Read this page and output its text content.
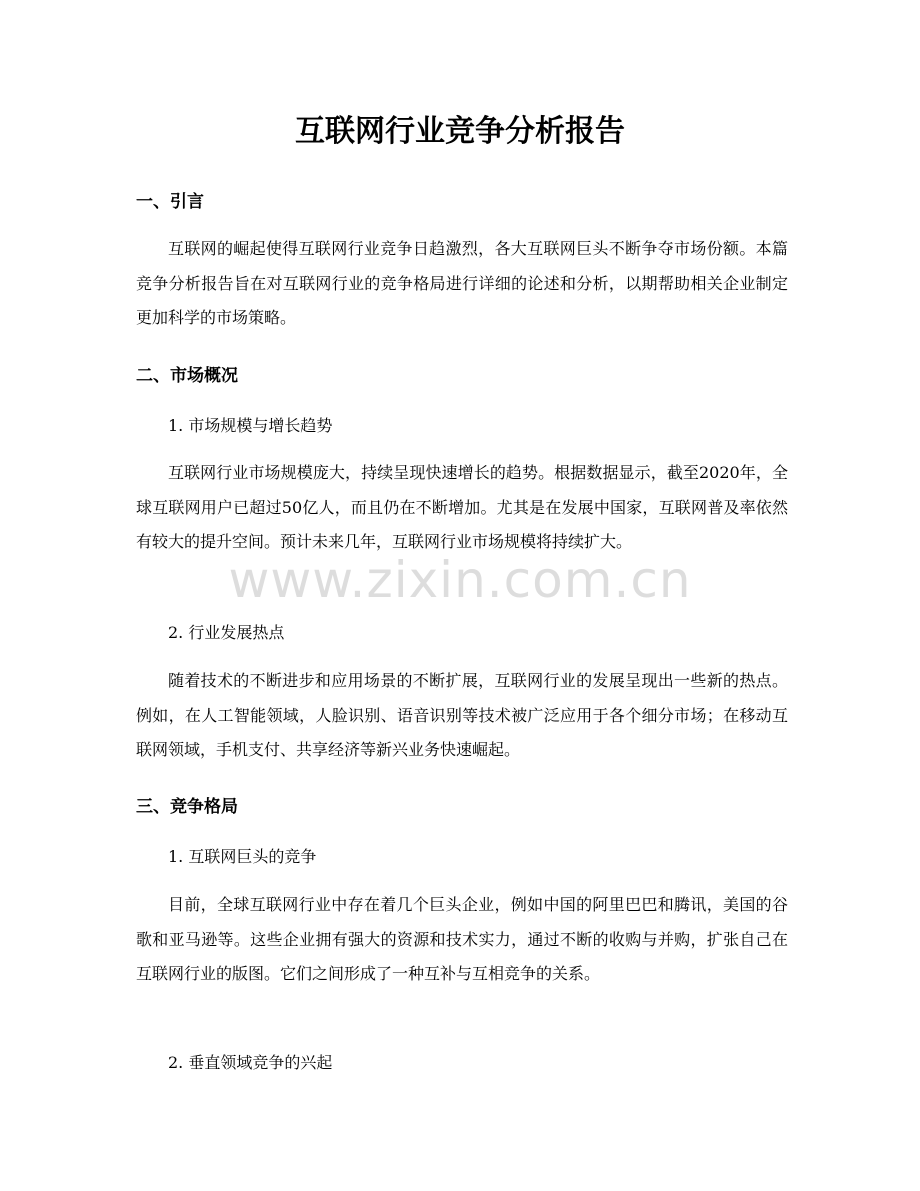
互联网行业竞争分析报告
一、引言

互联网的崛起使得互联网行业竞争日趋激烈，各大互联网巨头不断争夺市场份额。本篇竞争分析报告旨在对互联网行业的竞争格局进行详细的论述和分析，以期帮助相关企业制定更加科学的市场策略。

二、市场概况

1. 市场规模与增长趋势

互联网行业市场规模庞大，持续呈现快速增长的趋势。根据数据显示，截至2020年，全球互联网用户已超过50亿人，而且仍在不断增加。尤其是在发展中国家，互联网普及率依然有较大的提升空间。预计未来几年，互联网行业市场规模将持续扩大。

2. 行业发展热点

随着技术的不断进步和应用场景的不断扩展，互联网行业的发展呈现出一些新的热点。例如，在人工智能领域，人脸识别、语音识别等技术被广泛应用于各个细分市场；在移动互联网领域，手机支付、共享经济等新兴业务快速崛起。

三、竞争格局

1. 互联网巨头的竞争

目前，全球互联网行业中存在着几个巨头企业，例如中国的阿里巴巴和腾讯，美国的谷歌和亚马逊等。这些企业拥有强大的资源和技术实力，通过不断的收购与并购，扩张自己在互联网行业的版图。它们之间形成了一种互补与互相竞争的关系。

2. 垂直领域竞争的兴起

www.zixin.com.cn
